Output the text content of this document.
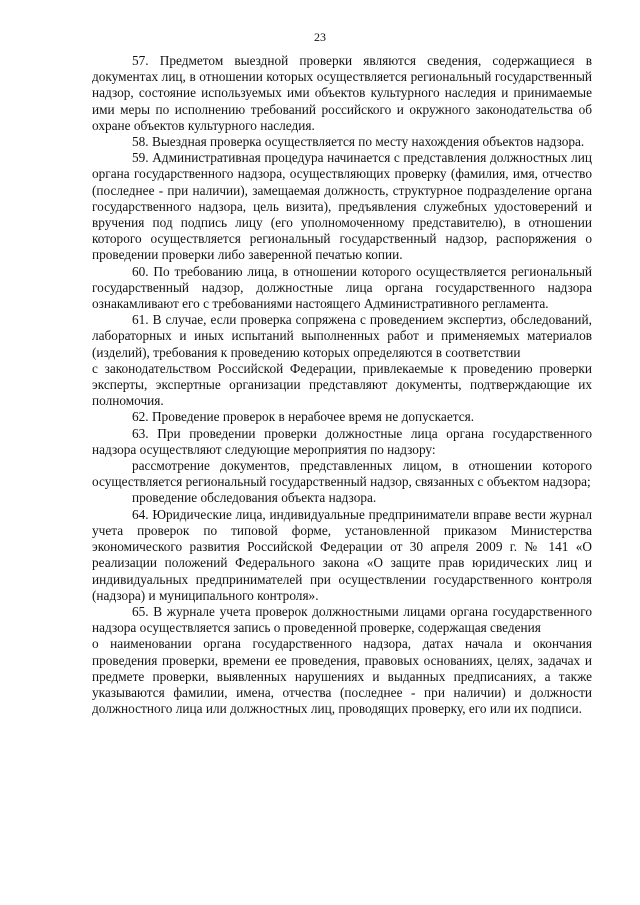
23

57. Предметом выездной проверки являются сведения, содержащиеся в документах лиц, в отношении которых осуществляется региональный государственный надзор, состояние используемых ими объектов культурного наследия и принимаемые ими меры по исполнению требований российского и окружного законодательства об охране объектов культурного наследия.

58. Выездная проверка осуществляется по месту нахождения объектов надзора.

59. Административная процедура начинается с представления должностных лиц органа государственного надзора, осуществляющих проверку (фамилия, имя, отчество (последнее - при наличии), замещаемая должность, структурное подразделение органа государственного надзора, цель визита), предъявления служебных удостоверений и вручения под подпись лицу (его уполномоченному представителю), в отношении которого осуществляется региональный государственный надзор, распоряжения о проведении проверки либо заверенной печатью копии.

60. По требованию лица, в отношении которого осуществляется региональный государственный надзор, должностные лица органа государственного надзора ознакамливают его с требованиями настоящего Административного регламента.

61. В случае, если проверка сопряжена с проведением экспертиз, обследований, лабораторных и иных испытаний выполненных работ и применяемых материалов (изделий), требования к проведению которых определяются в соответствии

с законодательством Российской Федерации, привлекаемые к проведению проверки эксперты, экспертные организации представляют документы, подтверждающие их полномочия.

62. Проведение проверок в нерабочее время не допускается.

63. При проведении проверки должностные лица органа государственного надзора осуществляют следующие мероприятия по надзору:

рассмотрение документов, представленных лицом, в отношении которого осуществляется региональный государственный надзор, связанных с объектом надзора;

проведение обследования объекта надзора.

64. Юридические лица, индивидуальные предприниматели вправе вести журнал учета проверок по типовой форме, установленной приказом Министерства экономического развития Российской Федерации от 30 апреля 2009 г. № 141 «О реализации положений Федерального закона «О защите прав юридических лиц и индивидуальных предпринимателей при осуществлении государственного контроля (надзора) и муниципального контроля».

65. В журнале учета проверок должностными лицами органа государственного надзора осуществляется запись о проведенной проверке, содержащая сведения

о наименовании органа государственного надзора, датах начала и окончания проведения проверки, времени ее проведения, правовых основаниях, целях, задачах и предмете проверки, выявленных нарушениях и выданных предписаниях, а также указываются фамилии, имена, отчества (последнее - при наличии) и должности должностного лица или должностных лиц, проводящих проверку, его или их подписи.
